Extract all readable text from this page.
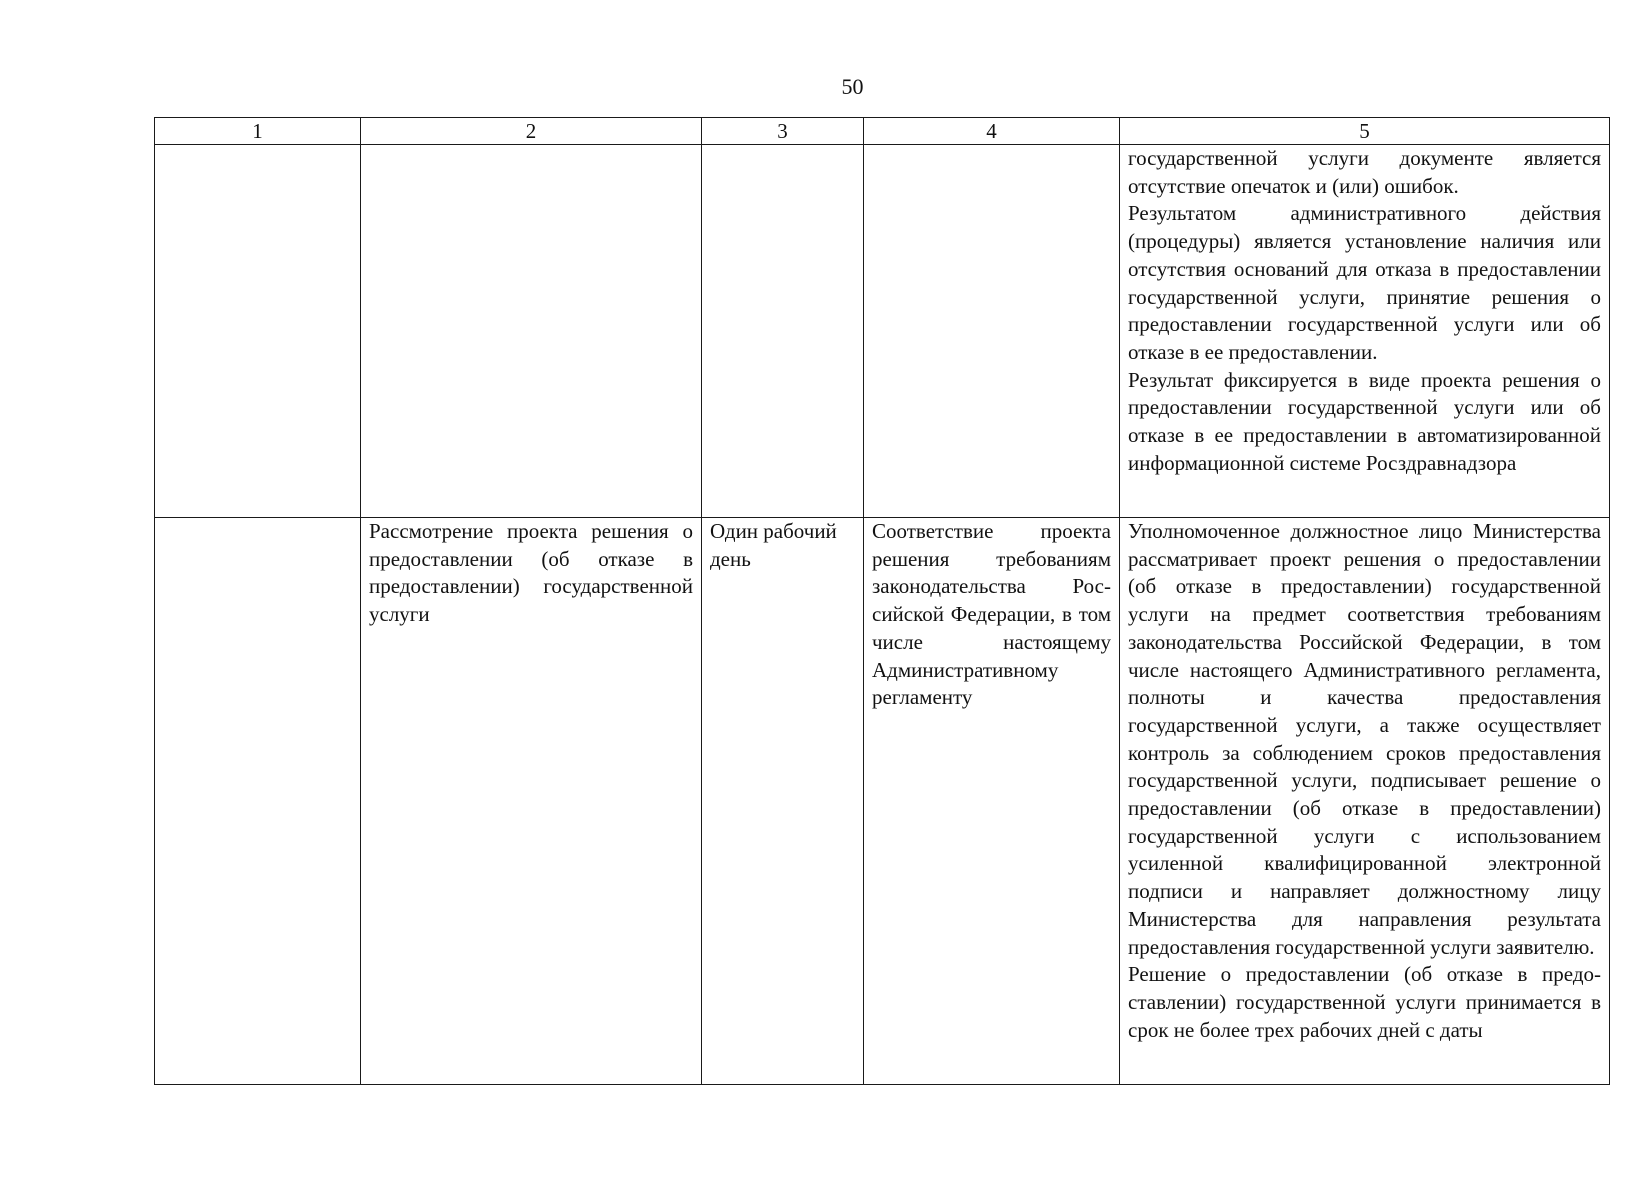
50
1	2	3	4	5

				государственной услуги документе является отсутствие опечаток и (или) ошибок.

Результатом административного действия (процедуры) является установление наличия или отсутствия оснований для отказа в предоставлении государственной услуги, принятие решения о предоставлении государственной услуги или об отказе в ее предоставлении.

Результат фиксируется в виде проекта решения о предоставлении государственной услуги или об отказе в ее предоставлении в автоматизированной информационной системе Росздравнадзора

	Рассмотрение проекта решения о предоставлении (об отказе в предоставлении) государственной услуги	Один рабочий день	Соответствие проекта решения требованиям законодательства Российской Федерации, в том числе настоящему Административному регламенту	Уполномоченное должностное лицо Министерства рассматривает проект решения о предоставлении (об отказе в предоставлении) государственной услуги на предмет соответствия требованиям законодательства Российской Федерации, в том числе настоящего Административного регламента, полноты и качества предоставления государственной услуги, а также осуществляет контроль за соблюдением сроков предоставления государственной услуги, подписывает решение о предоставлении (об отказе в предоставлении) государственной услуги с использованием усиленной квалифицированной электронной подписи и направляет должностному лицу Министерства для направления результата предоставления государственной услуги заявителю.

Решение о предоставлении (об отказе в предоставлении) государственной услуги принимается в срок не более трех рабочих дней с даты
